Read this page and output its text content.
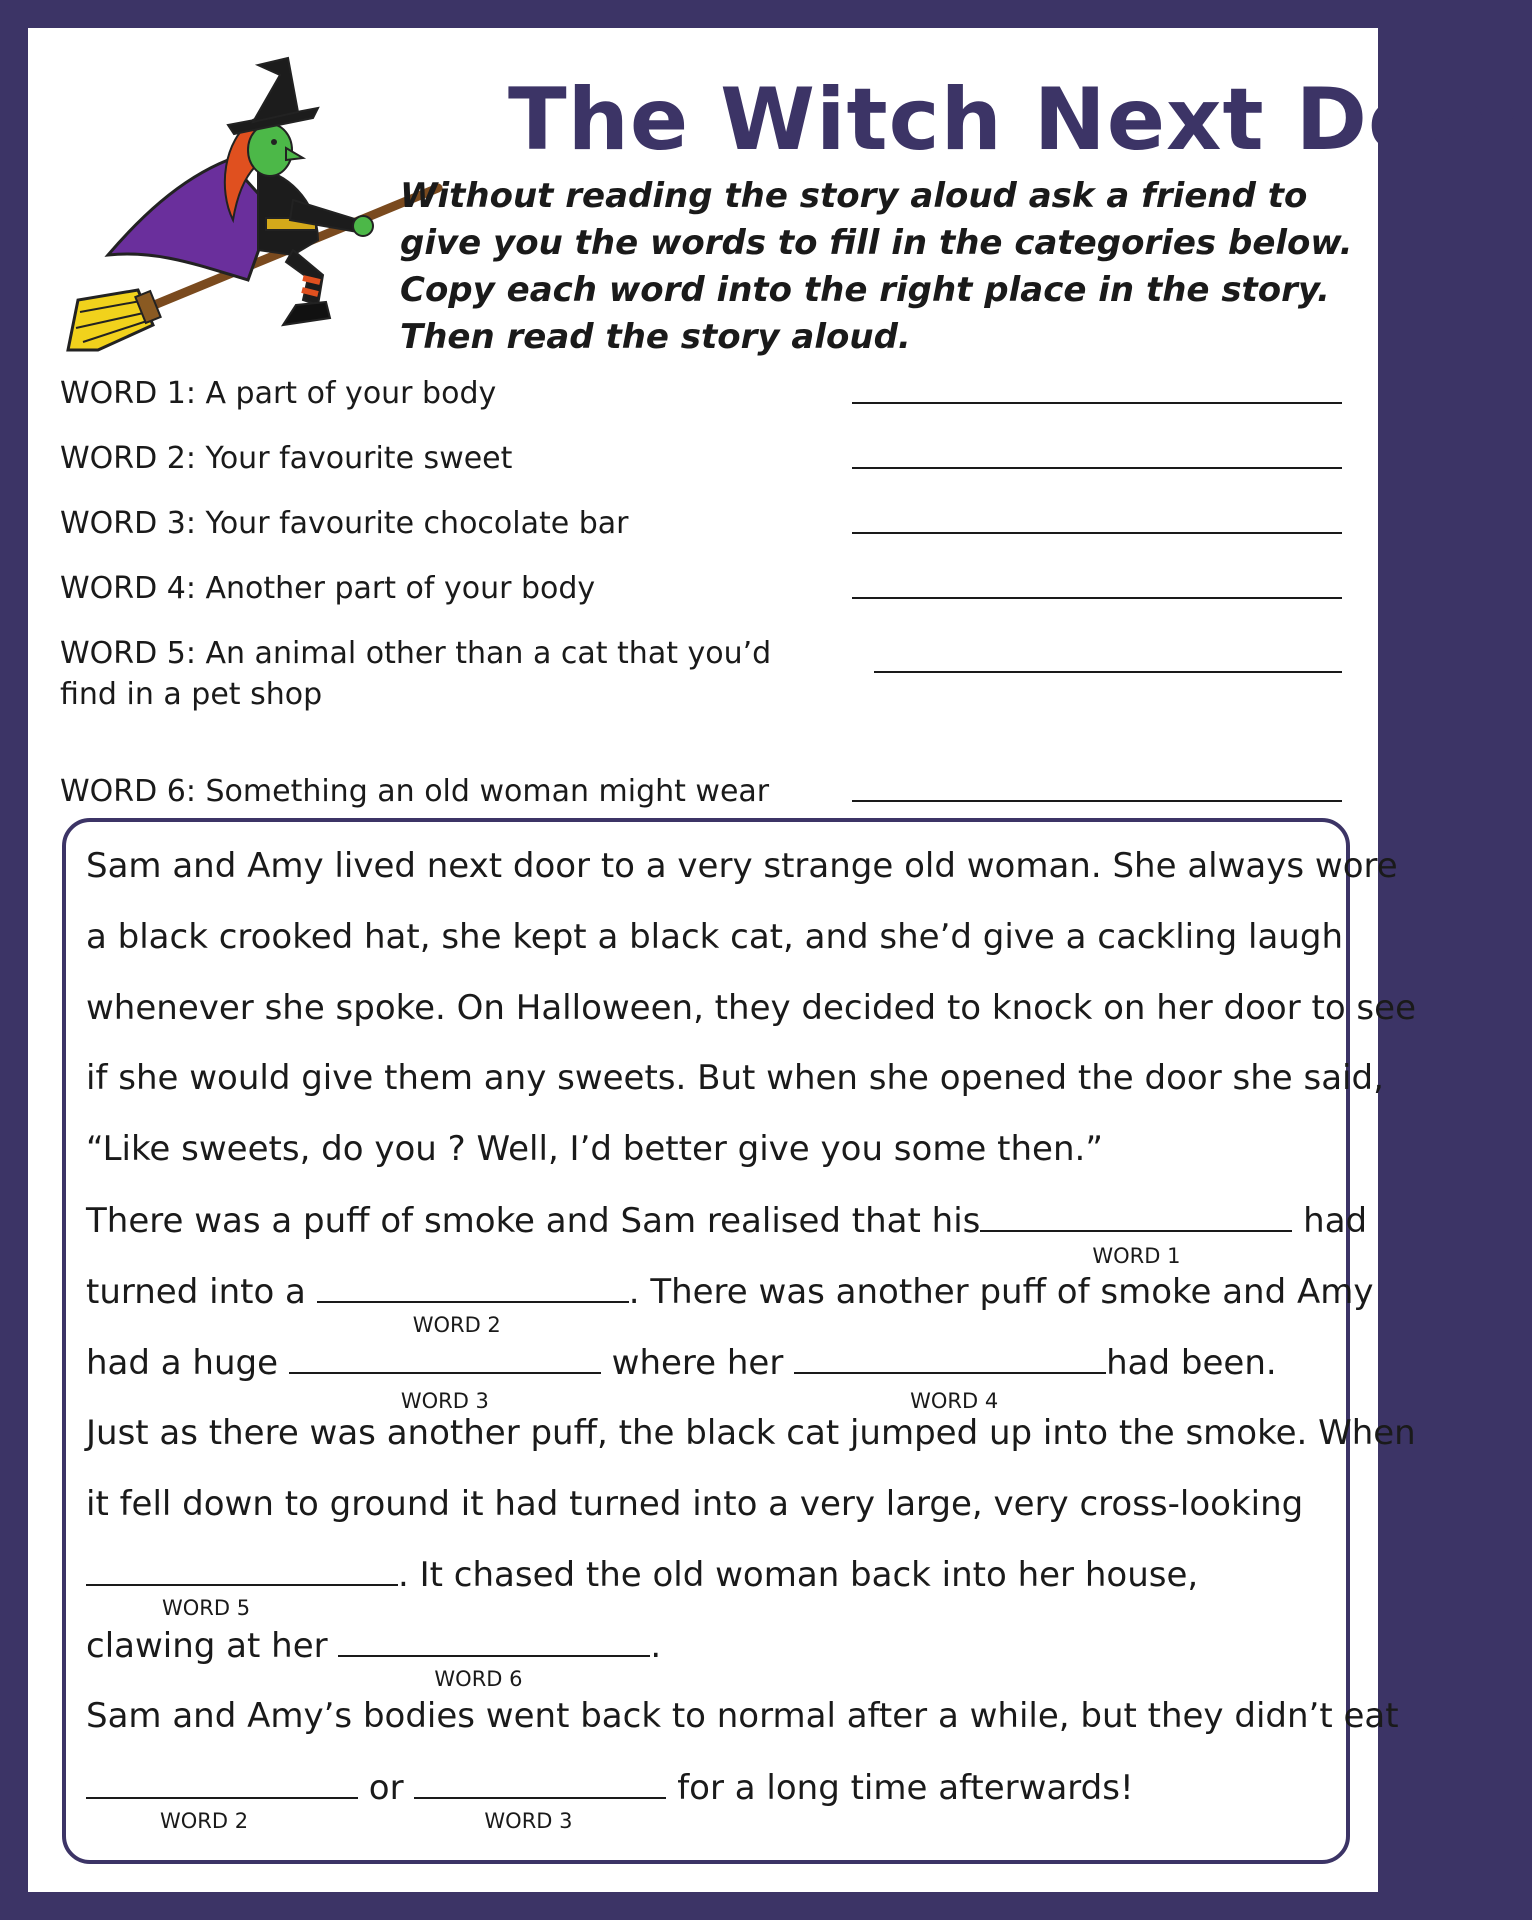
The Witch Next Door
Without reading the story aloud ask a friend to give you the words to fill in the categories below. Copy each word into the right place in the story. Then read the story aloud.
WORD 1: A part of your body
WORD 2: Your favourite sweet
WORD 3: Your favourite chocolate bar
WORD 4: Another part of your body
WORD 5: An animal other than a cat that you’d find in a pet shop
WORD 6: Something an old woman might wear
Sam and Amy lived next door to a very strange old woman. She always wore
a black crooked hat, she kept a black cat, and she’d give a cackling laugh
whenever she spoke. On Halloween, they decided to knock on her door to see
if she would give them any sweets. But when she opened the door she said,
“Like sweets, do you ? Well, I’d better give you some then.”
There was a puff of smoke and Sam realised that his
WORD 1
had
turned into a
WORD 2
. There was another puff of smoke and Amy
had a huge
WORD 3
where her
WORD 4
had been.
Just as there was another puff, the black cat jumped up into the smoke. When
it fell down to ground it had turned into a very large, very cross-looking
WORD 5
. It chased the old woman back into her house,
clawing at her
WORD 6
.
Sam and Amy’s bodies went back to normal after a while, but they didn’t eat
WORD 2
or
WORD 3
for a long time afterwards!
